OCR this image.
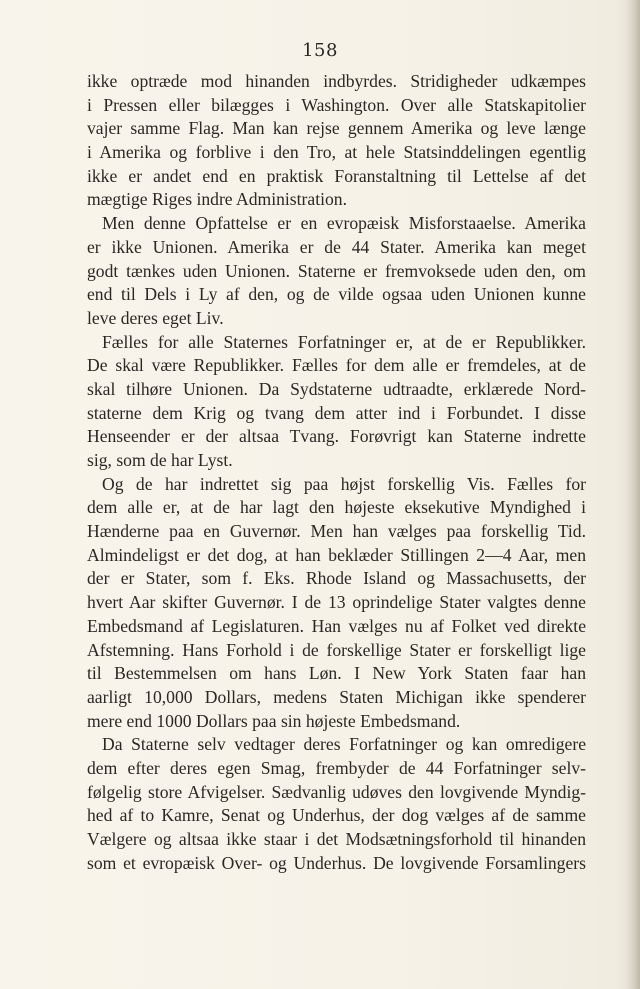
158
ikke optræde mod hinanden indbyrdes. Stridigheder udkæmpes
i Pressen eller bilægges i Washington. Over alle Statskapitolier
vajer samme Flag. Man kan rejse gennem Amerika og leve længe
i Amerika og forblive i den Tro, at hele Statsinddelingen egentlig
ikke er andet end en praktisk Foranstaltning til Lettelse af det
mægtige Riges indre Administration.
Men denne Opfattelse er en evropæisk Misforstaaelse. Amerika
er ikke Unionen. Amerika er de 44 Stater. Amerika kan meget
godt tænkes uden Unionen. Staterne er fremvoksede uden den, om
end til Dels i Ly af den, og de vilde ogsaa uden Unionen kunne
leve deres eget Liv.
Fælles for alle Staternes Forfatninger er, at de er Republikker.
De skal være Republikker. Fælles for dem alle er fremdeles, at de
skal tilhøre Unionen. Da Sydstaterne udtraadte, erklærede Nord-
staterne dem Krig og tvang dem atter ind i Forbundet. I disse
Henseender er der altsaa Tvang. Forøvrigt kan Staterne indrette
sig, som de har Lyst.
Og de har indrettet sig paa højst forskellig Vis. Fælles for
dem alle er, at de har lagt den højeste eksekutive Myndighed i
Hænderne paa en Guvernør. Men han vælges paa forskellig Tid.
Almindeligst er det dog, at han beklæder Stillingen 2—4 Aar, men
der er Stater, som f. Eks. Rhode Island og Massachusetts, der
hvert Aar skifter Guvernør. I de 13 oprindelige Stater valgtes denne
Embedsmand af Legislaturen. Han vælges nu af Folket ved direkte
Afstemning. Hans Forhold i de forskellige Stater er forskelligt lige
til Bestemmelsen om hans Løn. I New York Staten faar han
aarligt 10,000 Dollars, medens Staten Michigan ikke spenderer
mere end 1000 Dollars paa sin højeste Embedsmand.
Da Staterne selv vedtager deres Forfatninger og kan omredigere
dem efter deres egen Smag, frembyder de 44 Forfatninger selv-
følgelig store Afvigelser. Sædvanlig udøves den lovgivende Myndig-
hed af to Kamre, Senat og Underhus, der dog vælges af de samme
Vælgere og altsaa ikke staar i det Modsætningsforhold til hinanden
som et evropæisk Over- og Underhus. De lovgivende Forsamlingers
